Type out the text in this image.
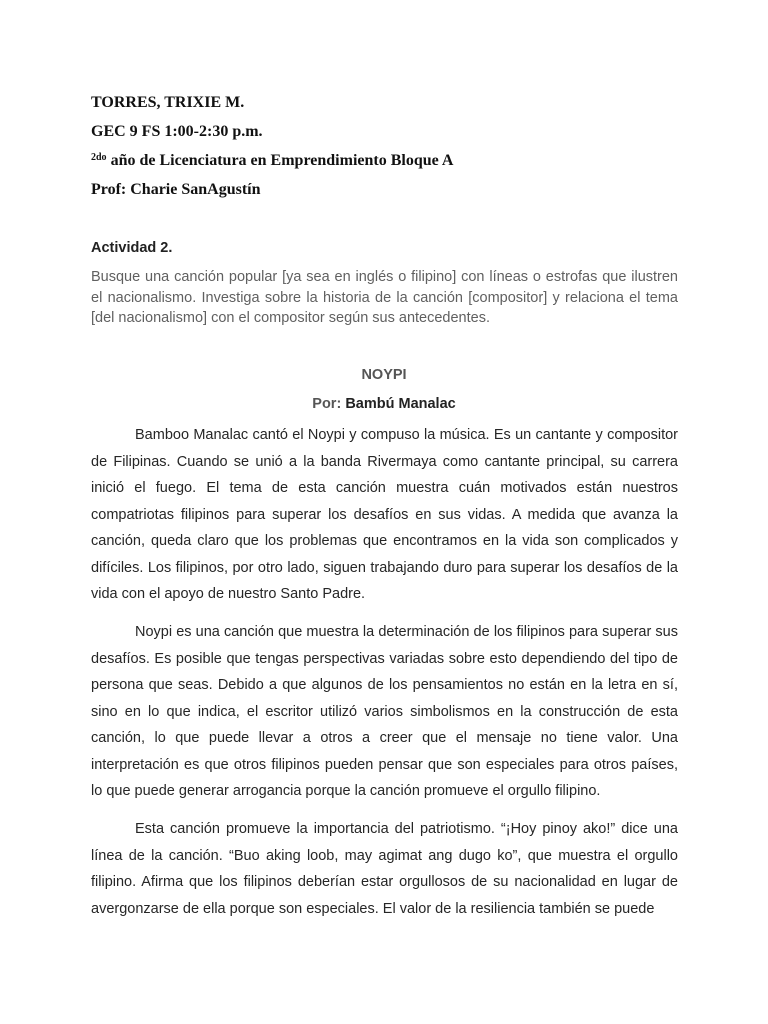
TORRES, TRIXIE M.
GEC 9 FS 1:00-2:30 p.m.
$^{2do}$ año de Licenciatura en Emprendimiento Bloque A
Prof: Charie SanAgustín
Actividad 2.
Busque una canción popular [ya sea en inglés o filipino] con líneas o estrofas que ilustren el nacionalismo. Investiga sobre la historia de la canción [compositor] y relaciona el tema [del nacionalismo] con el compositor según sus antecedentes.
NOYPI
Por: Bambú Manalac

Bamboo Manalac cantó el Noypi y compuso la música. Es un cantante y compositor de Filipinas. Cuando se unió a la banda Rivermaya como cantante principal, su carrera inició el fuego. El tema de esta canción muestra cuán motivados están nuestros compatriotas filipinos para superar los desafíos en sus vidas. A medida que avanza la canción, queda claro que los problemas que encontramos en la vida son complicados y difíciles. Los filipinos, por otro lado, siguen trabajando duro para superar los desafíos de la vida con el apoyo de nuestro Santo Padre.

Noypi es una canción que muestra la determinación de los filipinos para superar sus desafíos. Es posible que tengas perspectivas variadas sobre esto dependiendo del tipo de persona que seas. Debido a que algunos de los pensamientos no están en la letra en sí, sino en lo que indica, el escritor utilizó varios simbolismos en la construcción de esta canción, lo que puede llevar a otros a creer que el mensaje no tiene valor. Una interpretación es que otros filipinos pueden pensar que son especiales para otros países, lo que puede generar arrogancia porque la canción promueve el orgullo filipino.

Esta canción promueve la importancia del patriotismo. “¡Hoy pinoy ako!” dice una línea de la canción. “Buo aking loob, may agimat ang dugo ko”, que muestra el orgullo filipino. Afirma que los filipinos deberían estar orgullosos de su nacionalidad en lugar de avergonzarse de ella porque son especiales. El valor de la resiliencia también se puede
